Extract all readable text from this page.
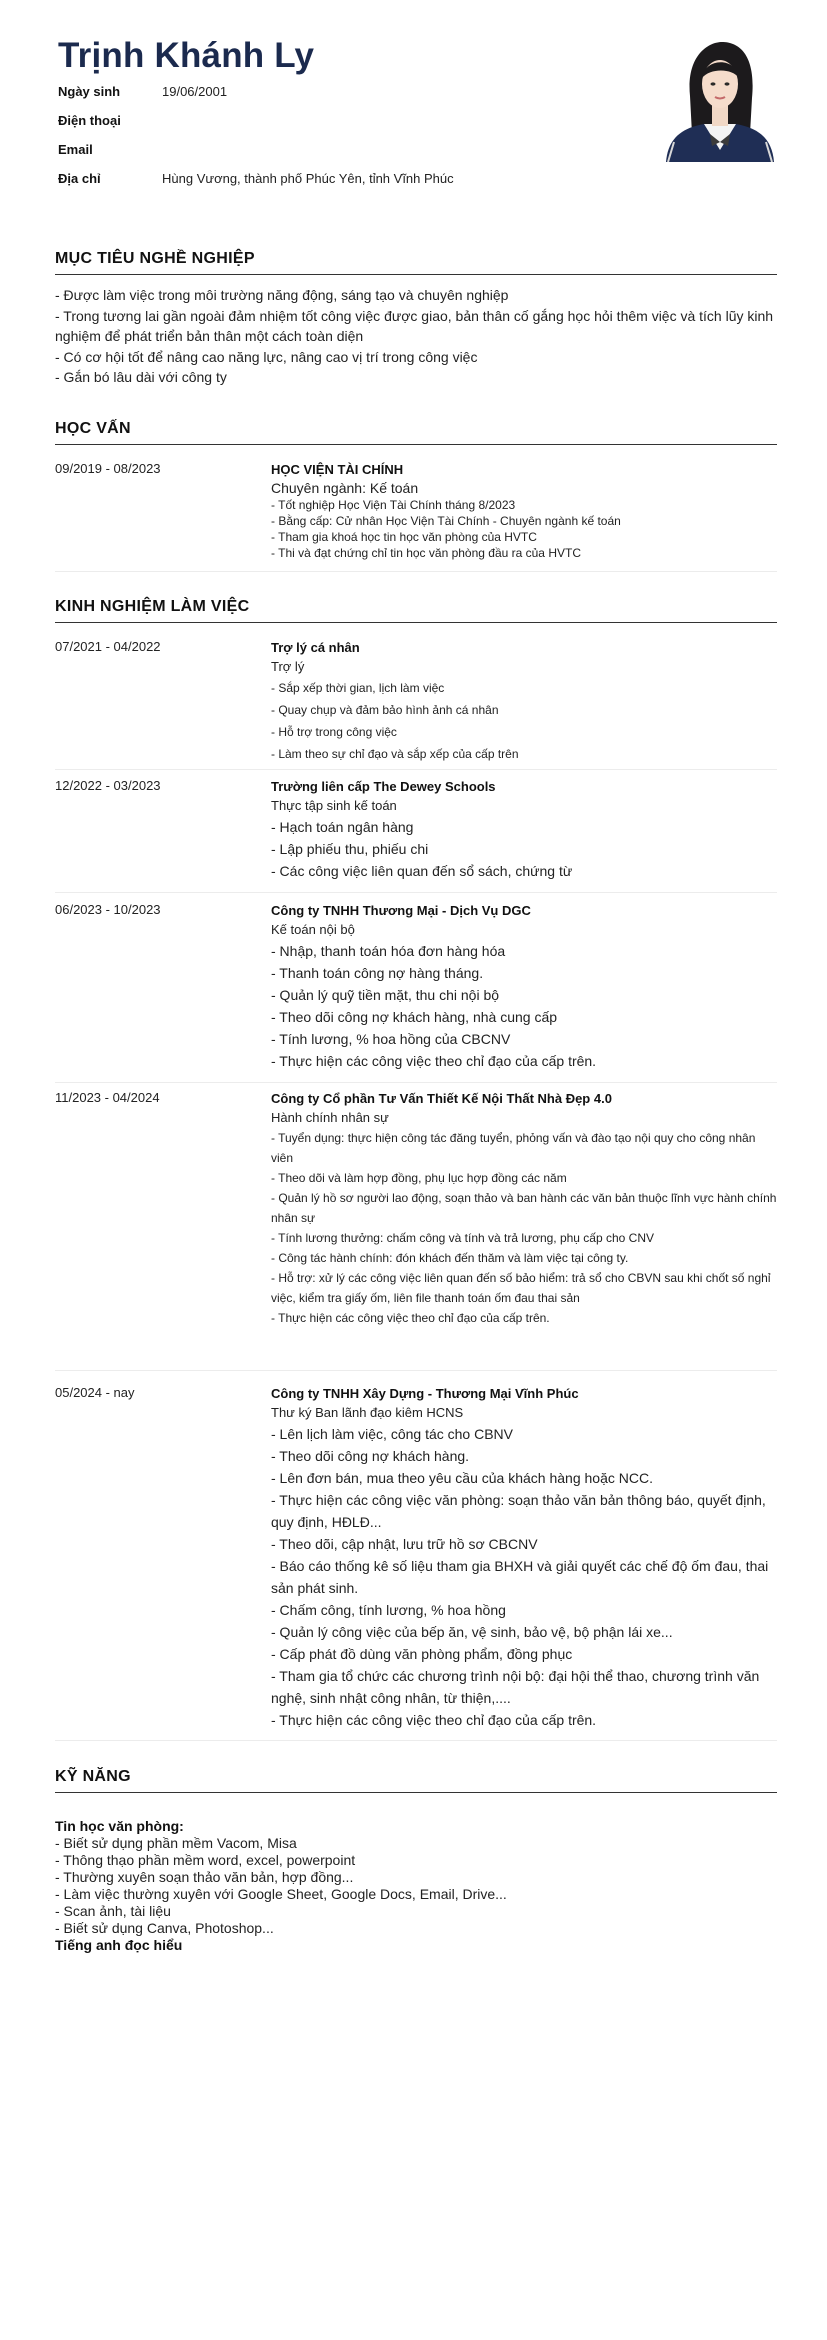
Trịnh Khánh Ly
Ngày sinh	19/06/2001
Điện thoại
Email
Địa chỉ	Hùng Vương, thành phố Phúc Yên, tỉnh Vĩnh Phúc
MỤC TIÊU NGHỀ NGHIỆP
- Được làm việc trong môi trường năng động, sáng tạo và chuyên nghiệp
- Trong tương lai gần ngoài đảm nhiệm tốt công việc được giao, bản thân cố gắng học hỏi thêm việc và tích lũy kinh nghiệm để phát triển bản thân một cách toàn diện
- Có cơ hội tốt để nâng cao năng lực, nâng cao vị trí trong công việc
- Gắn bó lâu dài với công ty
HỌC VẤN
09/2019 - 08/2023	HỌC VIỆN TÀI CHÍNH
Chuyên ngành: Kế toán
- Tốt nghiệp Học Viện Tài Chính tháng 8/2023
- Bằng cấp: Cử nhân Học Viện Tài Chính - Chuyên ngành kế toán
- Tham gia khoá học tin học văn phòng của HVTC
- Thi và đạt chứng chỉ tin học văn phòng đầu ra của HVTC
KINH NGHIỆM LÀM VIỆC
07/2021 - 04/2022	Trợ lý cá nhân
Trợ lý
- Sắp xếp thời gian, lịch làm việc
- Quay chụp và đảm bảo hình ảnh cá nhân
- Hỗ trợ trong công việc
- Làm theo sự chỉ đạo và sắp xếp của cấp trên
12/2022 - 03/2023	Trường liên cấp The Dewey Schools
Thực tập sinh kế toán
- Hạch toán ngân hàng
- Lập phiếu thu, phiếu chi
- Các công việc liên quan đến sổ sách, chứng từ
06/2023 - 10/2023	Công ty TNHH Thương Mại - Dịch Vụ DGC
Kế toán nội bộ
- Nhập, thanh toán hóa đơn hàng hóa
- Thanh toán công nợ hàng tháng.
- Quản lý quỹ tiền mặt, thu chi nội bộ
- Theo dõi công nợ khách hàng, nhà cung cấp
- Tính lương, % hoa hồng của CBCNV
- Thực hiện các công việc theo chỉ đạo của cấp trên.
11/2023 - 04/2024	Công ty Cổ phần Tư Vấn Thiết Kế Nội Thất Nhà Đẹp 4.0
Hành chính nhân sự
- Tuyển dụng: thực hiện công tác đăng tuyển, phỏng vấn và đào tạo nội quy cho công nhân viên
- Theo dõi và làm hợp đồng, phụ lục hợp đồng các năm
- Quản lý hồ sơ người lao động, soạn thảo và ban hành các văn bản thuộc lĩnh vực hành chính nhân sự
- Tính lương thưởng: chấm công và tính và trả lương, phụ cấp cho CNV
- Công tác hành chính: đón khách đến thăm và làm việc tại công ty.
- Hỗ trợ: xử lý các công việc liên quan đến số bảo hiểm: trả sổ cho CBVN sau khi chốt số nghỉ việc, kiểm tra giấy ốm, liên file thanh toán ốm đau thai sản
- Thực hiện các công việc theo chỉ đạo của cấp trên.
05/2024 - nay	Công ty TNHH Xây Dựng - Thương Mại Vĩnh Phúc
Thư ký Ban lãnh đạo kiêm HCNS
- Lên lịch làm việc, công tác cho CBNV
- Theo dõi công nợ khách hàng.
- Lên đơn bán, mua theo yêu cầu của khách hàng hoặc NCC.
- Thực hiện các công việc văn phòng: soạn thảo văn bản thông báo, quyết định, quy định, HĐLĐ...
- Theo dõi, cập nhật, lưu trữ hồ sơ CBCNV
- Báo cáo thống kê số liệu tham gia BHXH và giải quyết các chế độ ốm đau, thai sản phát sinh.
- Chấm công, tính lương, % hoa hồng
- Quản lý công việc của bếp ăn, vệ sinh, bảo vệ, bộ phận lái xe...
- Cấp phát đồ dùng văn phòng phẩm, đồng phục
- Tham gia tổ chức các chương trình nội bộ: đại hội thể thao, chương trình văn nghệ, sinh nhật công nhân, từ thiện,....
- Thực hiện các công việc theo chỉ đạo của cấp trên.
KỸ NĂNG
Tin học văn phòng:
- Biết sử dụng phần mềm Vacom, Misa
- Thông thạo phần mềm word, excel, powerpoint
- Thường xuyên soạn thảo văn bản, hợp đồng...
- Làm việc thường xuyên với Google Sheet, Google Docs, Email, Drive...
- Scan ảnh, tài liệu
- Biết sử dụng Canva, Photoshop...
Tiếng anh đọc hiểu
